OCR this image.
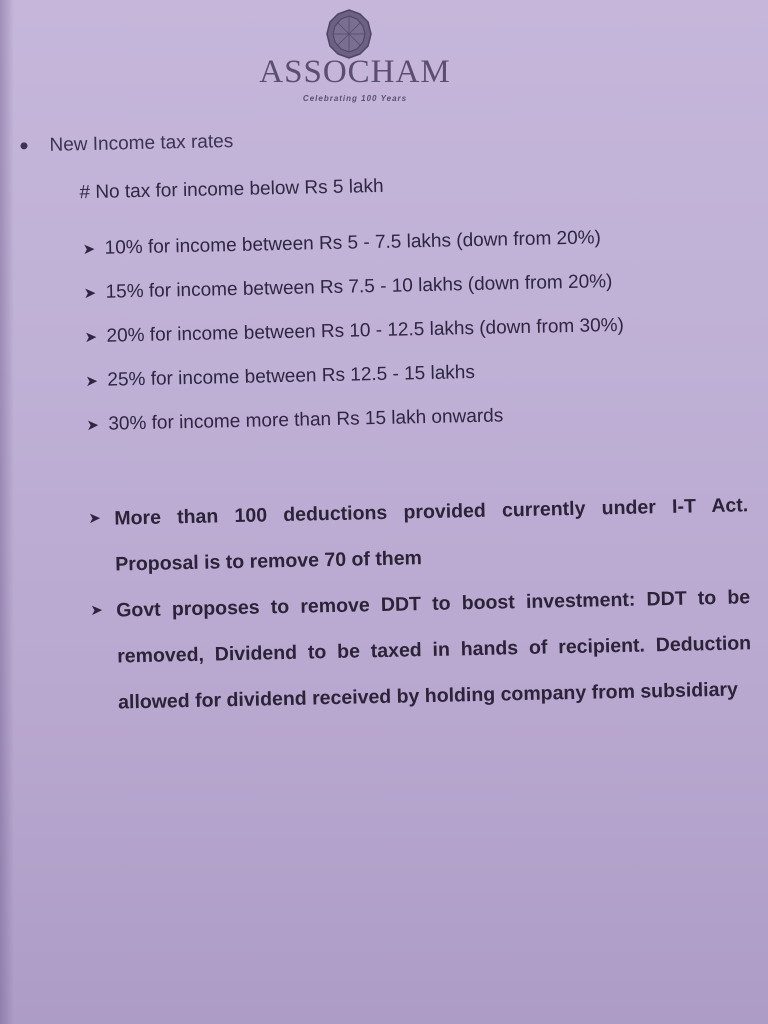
ASSOCHAM
Celebrating 100 Years
New Income tax rates
# No tax for income below Rs 5 lakh
➤ 10% for income between Rs 5 - 7.5 lakhs (down from 20%)
➤ 15% for income between Rs 7.5 - 10 lakhs (down from 20%)
➤ 20% for income between Rs 10 - 12.5 lakhs (down from 30%)
➤ 25% for income between Rs 12.5 - 15 lakhs
➤ 30% for income more than Rs 15 lakh onwards
➤ More than 100 deductions provided currently under I-T Act. Proposal is to remove 70 of them
➤ Govt proposes to remove DDT to boost investment: DDT to be removed, Dividend to be taxed in hands of recipient. Deduction allowed for dividend received by holding company from subsidiary
